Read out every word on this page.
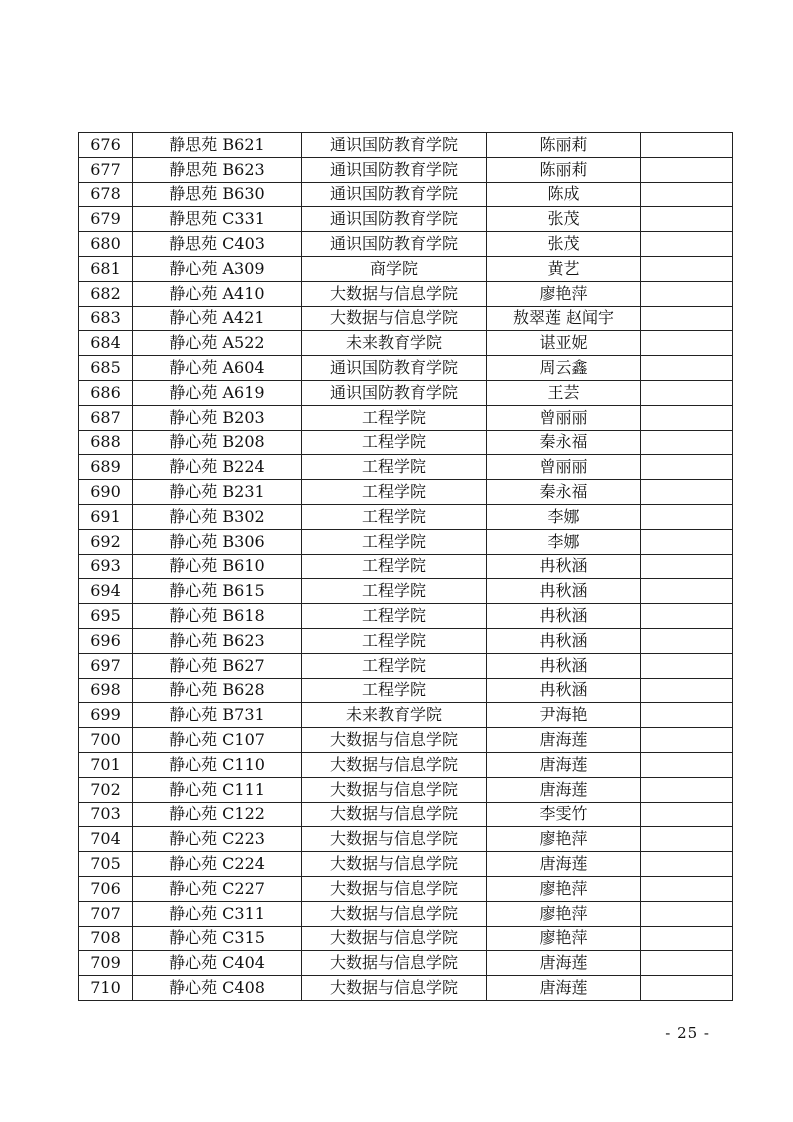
676	静思苑 B621	通识国防教育学院	陈丽莉	
677	静思苑 B623	通识国防教育学院	陈丽莉	
678	静思苑 B630	通识国防教育学院	陈成	
679	静思苑 C331	通识国防教育学院	张茂	
680	静思苑 C403	通识国防教育学院	张茂	
681	静心苑 A309	商学院	黄艺	
682	静心苑 A410	大数据与信息学院	廖艳萍	
683	静心苑 A421	大数据与信息学院	敖翠莲 赵闻宇	
684	静心苑 A522	未来教育学院	谌亚妮	
685	静心苑 A604	通识国防教育学院	周云鑫	
686	静心苑 A619	通识国防教育学院	王芸	
687	静心苑 B203	工程学院	曾丽丽	
688	静心苑 B208	工程学院	秦永福	
689	静心苑 B224	工程学院	曾丽丽	
690	静心苑 B231	工程学院	秦永福	
691	静心苑 B302	工程学院	李娜	
692	静心苑 B306	工程学院	李娜	
693	静心苑 B610	工程学院	冉秋涵	
694	静心苑 B615	工程学院	冉秋涵	
695	静心苑 B618	工程学院	冉秋涵	
696	静心苑 B623	工程学院	冉秋涵	
697	静心苑 B627	工程学院	冉秋涵	
698	静心苑 B628	工程学院	冉秋涵	
699	静心苑 B731	未来教育学院	尹海艳	
700	静心苑 C107	大数据与信息学院	唐海莲	
701	静心苑 C110	大数据与信息学院	唐海莲	
702	静心苑 C111	大数据与信息学院	唐海莲	
703	静心苑 C122	大数据与信息学院	李雯竹	
704	静心苑 C223	大数据与信息学院	廖艳萍	
705	静心苑 C224	大数据与信息学院	唐海莲	
706	静心苑 C227	大数据与信息学院	廖艳萍	
707	静心苑 C311	大数据与信息学院	廖艳萍	
708	静心苑 C315	大数据与信息学院	廖艳萍	
709	静心苑 C404	大数据与信息学院	唐海莲	
710	静心苑 C408	大数据与信息学院	唐海莲	
- 25 -
